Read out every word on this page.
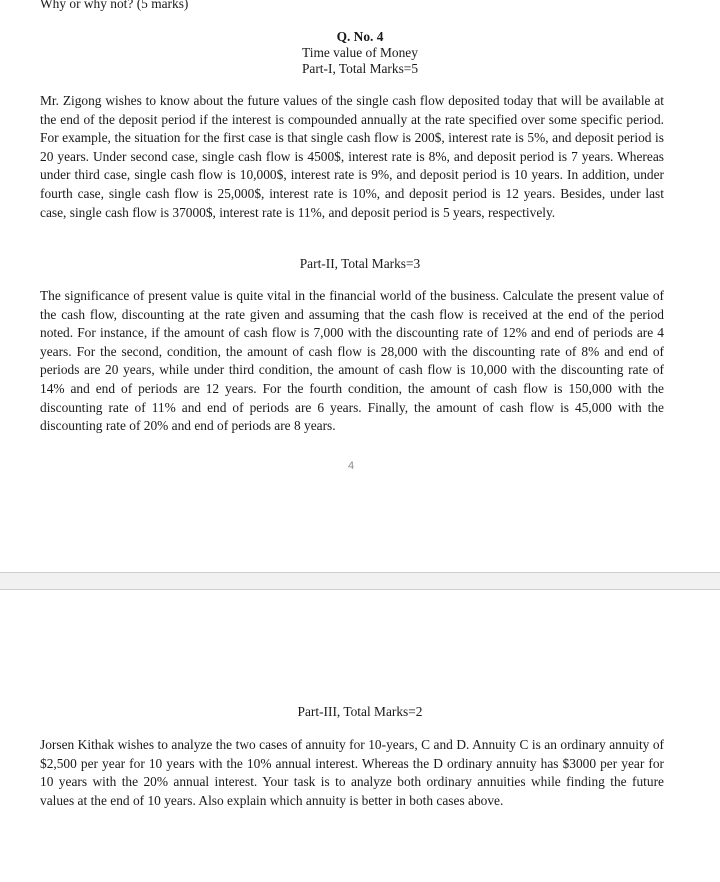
Why or why not? (5 marks)
Q. No. 4
Time value of Money
Part-I, Total Marks=5

Mr. Zigong wishes to know about the future values of the single cash flow deposited today that will be available at the end of the deposit period if the interest is compounded annually at the rate specified over some specific period. For example, the situation for the first case is that single cash flow is 200$, interest rate is 5%, and deposit period is 20 years. Under second case, single cash flow is 4500$, interest rate is 8%, and deposit period is 7 years. Whereas under third case, single cash flow is 10,000$, interest rate is 9%, and deposit period is 10 years. In addition, under fourth case, single cash flow is 25,000$, interest rate is 10%, and deposit period is 12 years. Besides, under last case, single cash flow is 37000$, interest rate is 11%, and deposit period is 5 years, respectively.

Part-II, Total Marks=3

The significance of present value is quite vital in the financial world of the business. Calculate the present value of the cash flow, discounting at the rate given and assuming that the cash flow is received at the end of the period noted. For instance, if the amount of cash flow is 7,000 with the discounting rate of 12% and end of periods are 4 years. For the second, condition, the amount of cash flow is 28,000 with the discounting rate of 8% and end of periods are 20 years, while under third condition, the amount of cash flow is 10,000 with the discounting rate of 14% and end of periods are 12 years. For the fourth condition, the amount of cash flow is 150,000 with the discounting rate of 11% and end of periods are 6 years. Finally, the amount of cash flow is 45,000 with the discounting rate of 20% and end of periods are 8 years.

4
Part-III, Total Marks=2

Jorsen Kithak wishes to analyze the two cases of annuity for 10-years, C and D. Annuity C is an ordinary annuity of $2,500 per year for 10 years with the 10% annual interest. Whereas the D ordinary annuity has $3000 per year for 10 years with the 20% annual interest. Your task is to analyze both ordinary annuities while finding the future values at the end of 10 years. Also explain which annuity is better in both cases above.
